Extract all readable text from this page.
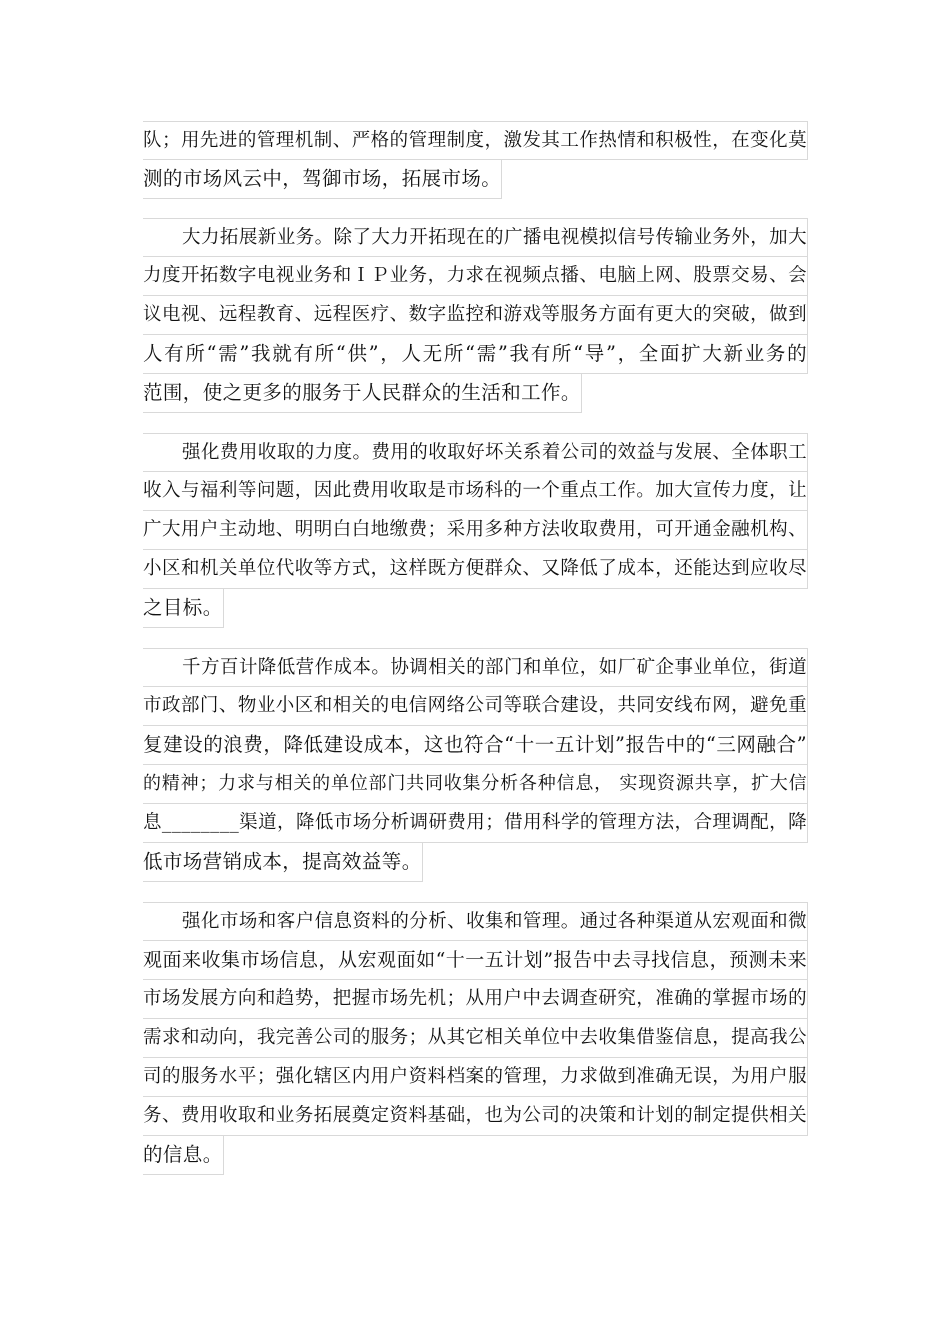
队；用先进的管理机制、严格的管理制度，激发其工作热情和积极性，在变化莫
测的市场风云中，驾御市场，拓展市场。
大力拓展新业务。除了大力开拓现在的广播电视模拟信号传输业务外，加大
力度开拓数字电视业务和ＩＰ业务，力求在视频点播、电脑上网、股票交易、会
议电视、远程教育、远程医疗、数字监控和游戏等服务方面有更大的突破，做到
人有所“需”我就有所“供”，人无所“需”我有所“导”，全面扩大新业务的
范围，使之更多的服务于人民群众的生活和工作。
强化费用收取的力度。费用的收取好坏关系着公司的效益与发展、全体职工
收入与福利等问题，因此费用收取是市场科的一个重点工作。加大宣传力度，让
广大用户主动地、明明白白地缴费；采用多种方法收取费用，可开通金融机构、
小区和机关单位代收等方式，这样既方便群众、又降低了成本，还能达到应收尽
之目标。
千方百计降低营作成本。协调相关的部门和单位，如厂矿企事业单位，街道
市政部门、物业小区和相关的电信网络公司等联合建设，共同安线布网，避免重
复建设的浪费，降低建设成本，这也符合“十一五计划”报告中的“三网融合”
的精神；力求与相关的单位部门共同收集分析各种信息， 实现资源共享，扩大信
息________渠道，降低市场分析调研费用；借用科学的管理方法，合理调配，降
低市场营销成本，提高效益等。
强化市场和客户信息资料的分析、收集和管理。通过各种渠道从宏观面和微
观面来收集市场信息，从宏观面如“十一五计划”报告中去寻找信息，预测未来
市场发展方向和趋势，把握市场先机；从用户中去调查研究，准确的掌握市场的
需求和动向，我完善公司的服务；从其它相关单位中去收集借鉴信息，提高我公
司的服务水平；强化辖区内用户资料档案的管理，力求做到准确无误，为用户服
务、费用收取和业务拓展奠定资料基础，也为公司的决策和计划的制定提供相关
的信息。
